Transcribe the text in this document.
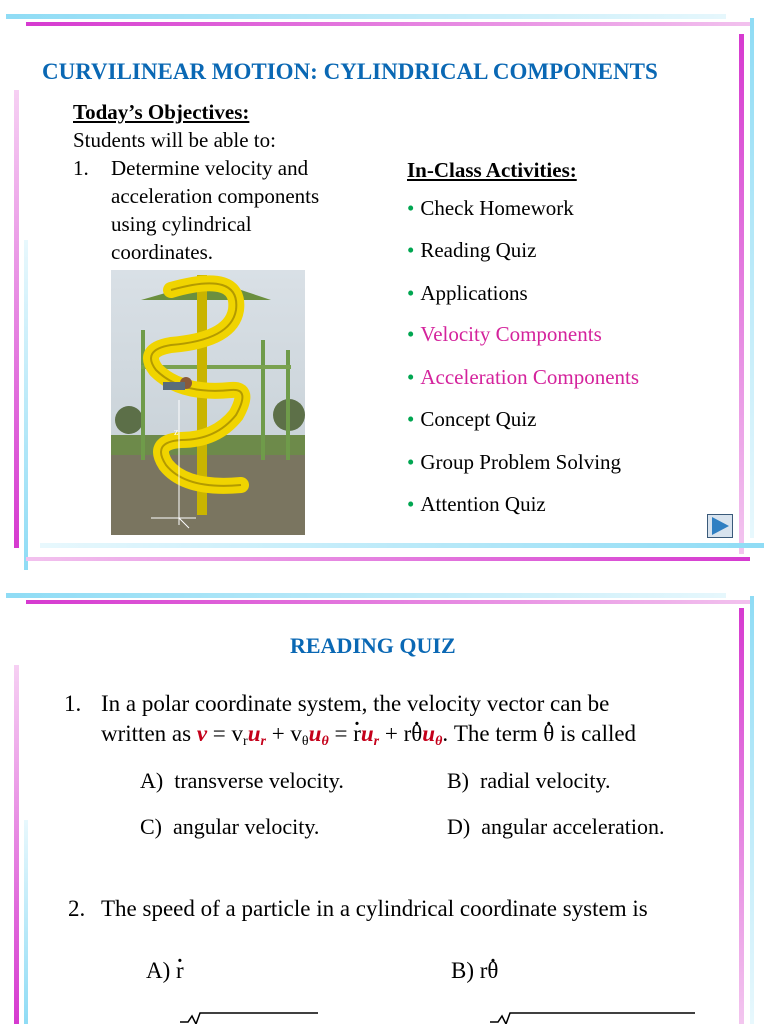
CURVILINEAR MOTION: CYLINDRICAL COMPONENTS
Today’s Objectives:
Students will be able to:
1. Determine velocity and
acceleration components
using cylindrical
coordinates.
z
In-Class Activities:
• Check Homework
• Reading Quiz
• Applications
• Velocity Components
• Acceleration Components
• Concept Quiz
• Group Problem Solving
• Attention Quiz
READING QUIZ
1. In a polar coordinate system, the velocity vector can be
written as $v = v_ru_r + v_\theta u_\theta$ = . $ru_r + r$. $\theta u_\theta$. The term . θ is called
A) transverse velocity.	B) radial velocity.
C) angular velocity.	D) angular acceleration.
2. The speed of a particle in a cylindrical coordinate system is
A) . r	B) r. θ
